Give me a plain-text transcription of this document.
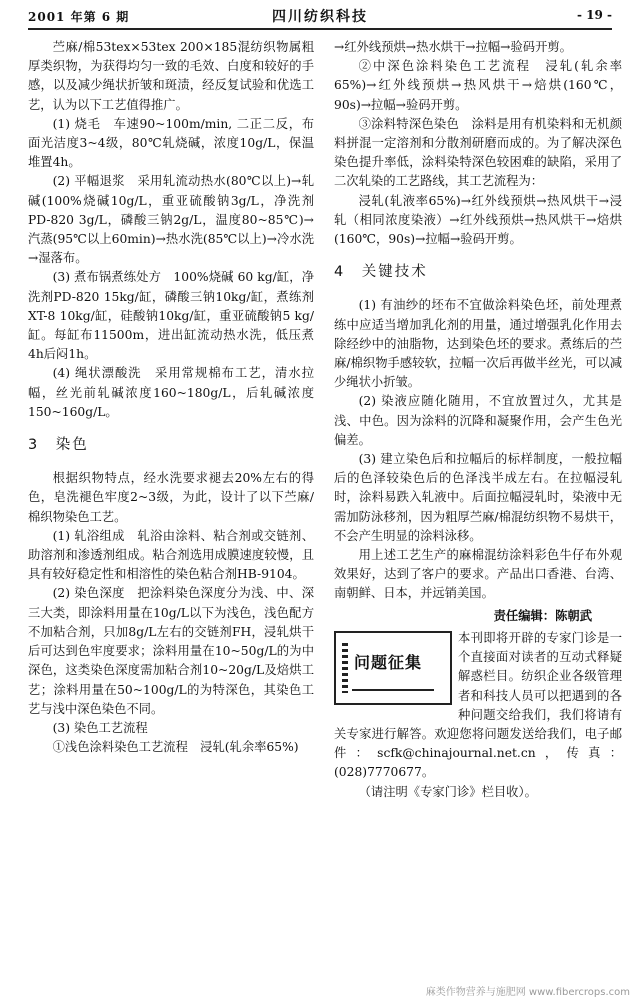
2001 年第 6 期	四川纺织科技	- 19 -

苎麻/棉53tex×53tex 200×185混纺织物属粗厚类织物，为获得均匀一致的毛效、白度和较好的手感，以及减少绳状折皱和斑渍，经反复试验和优选工艺，认为以下工艺值得推广。

(1) 烧毛　车速90~100m/min, 二正二反，布面光洁度3~4级，80℃轧烧碱，浓度10g/L，保温堆置4h。

(2) 平幅退浆　采用轧流动热水(80℃以上)→轧碱(100%烧碱10g/L，重亚硫酸钠3g/L，净洗剂PD-820 3g/L，磷酸三钠2g/L，温度80~85℃)→汽蒸(95℃以上60min)→热水洗(85℃以上)→冷水洗→湿落布。

(3) 煮布锅煮练处方　100%烧碱 60 kg/缸，净洗剂PD-820 15kg/缸，磷酸三钠10kg/缸，煮练剂XT-8 10kg/缸，硅酸钠10kg/缸，重亚硫酸钠5 kg/缸。每缸布11500m，进出缸流动热水洗，低压煮4h后闷1h。

(4) 绳状漂酸洗　采用常规棉布工艺，清水拉幅，丝光前轧碱浓度160~180g/L，后轧碱浓度150~160g/L。

3　染色

根据织物特点，经水洗要求褪去20%左右的得色，皂洗褪色牢度2~3级，为此，设计了以下苎麻/棉织物染色工艺。

(1) 轧浴组成　轧浴由涂料、粘合剂或交链剂、助溶剂和渗透剂组成。粘合剂选用成膜速度较慢，且具有较好稳定性和相溶性的染色粘合剂HB-9104。

(2) 染色深度　把涂料染色深度分为浅、中、深三大类，即涂料用量在10g/L以下为浅色，浅色配方不加粘合剂，只加8g/L左右的交链剂FH，浸轧烘干后可达到色牢度要求；涂料用量在10~50g/L的为中深色，这类染色深度需加粘合剂10~20g/L及焙烘工艺；涂料用量在50~100g/L的为特深色，其染色工艺与浅中深色染色不同。

(3) 染色工艺流程

①浅色涂料染色工艺流程　浸轧(轧余率65%)

→红外线预烘→热水烘干→拉幅→验码开剪。

②中深色涂料染色工艺流程　浸轧(轧余率65%)→红外线预烘→热风烘干→焙烘(160℃，90s)→拉幅→验码开剪。

③涂料特深色染色　涂料是用有机染料和无机颜料拼混一定溶剂和分散剂研磨而成的。为了解决深色染色提升率低，涂料染特深色较困难的缺陷，采用了二次轧染的工艺路线，其工艺流程为：

浸轧(轧液率65%)→红外线预烘→热风烘干→浸轧（相同浓度染液）→红外线预烘→热风烘干→焙烘(160℃，90s)→拉幅→验码开剪。

4　关键技术

(1) 有油纱的坯布不宜做涂料染色坯，前处理煮练中应适当增加乳化剂的用量，通过增强乳化作用去除经纱中的油脂物，达到染色坯的要求。煮练后的苎麻/棉织物手感较软，拉幅一次后再做半丝光，可以减少绳状小折皱。

(2) 染液应随化随用，不宜放置过久，尤其是浅、中色。因为涂料的沉降和凝聚作用，会产生色光偏差。

(3) 建立染色后和拉幅后的标样制度，一般拉幅后的色泽较染色后的色泽浅半成左右。在拉幅浸轧时，涂料易跌入轧液中。后面拉幅浸轧时，染液中无需加防泳移剂，因为粗厚苎麻/棉混纺织物不易烘干，不会产生明显的涂料泳移。

用上述工艺生产的麻棉混纺涂料彩色牛仔布外观效果好，达到了客户的要求。产品出口香港、台湾、南朝鲜、日本，并远销美国。

责任编辑：陈朝武
问题征集

本刊即将开辟的专家门诊是一个直接面对读者的互动式释疑解惑栏目。纺织企业各级管理者和科技人员可以把遇到的各种问题交给我们，我们将请有关专家进行解答。欢迎您将问题发送给我们，电子邮件：scfk@chinajournal.net.cn，传真：(028)7770677。

（请注明《专家门诊》栏目收）。

麻类作物营养与施肥网 www.fibercrops.com
